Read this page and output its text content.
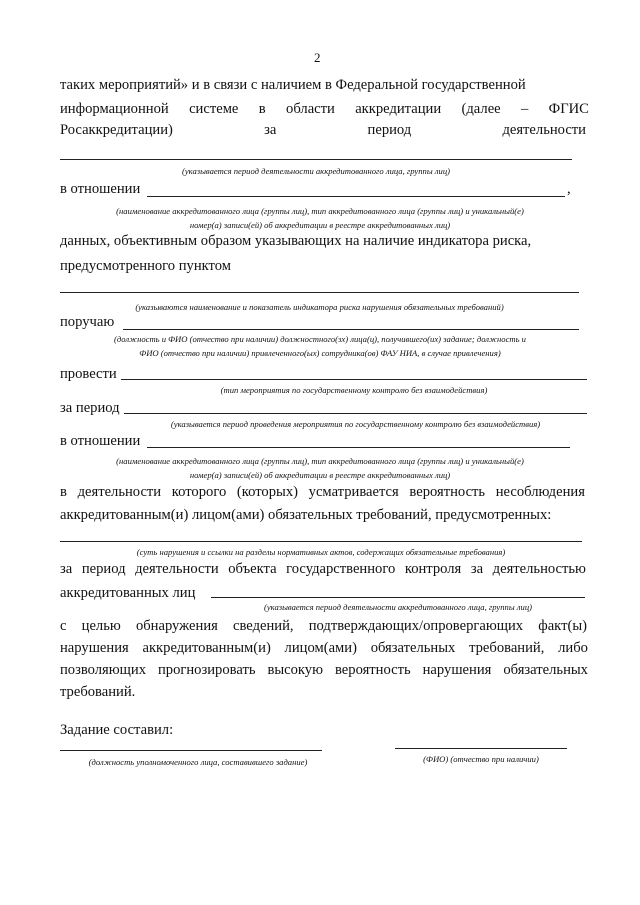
2
таких мероприятий» и в связи с наличием в Федеральной государственной
информационной системе в области аккредитации (далее – ФГИС
Росаккредитации)	за	период	деятельности
(указывается период деятельности аккредитованного лица, группы лиц)
в отношении	,
(наименование аккредитованного лица (группы лиц), тип аккредитованного лица (группы лиц) и уникальный(е)
номер(а) записи(ей) об аккредитации в реестре аккредитованных лиц)
данных, объективным образом указывающих на наличие индикатора риска,
предусмотренного пунктом
(указываются наименование и показатель индикатора риска нарушения обязательных требований)
поручаю
(должность и ФИО (отчество при наличии) должностного(зх) лица(ц), получившего(их) задание; должность и
ФИО (отчество при наличии) привлеченного(ых) сотрудника(ов) ФАУ НИА, в случае привлечения)
провести
(тип мероприятия по государственному контролю без взаимодействия)
за период
(указывается период проведения мероприятия по государственному контролю без взаимодействия)
в отношении
(наименование аккредитованного лица (группы лиц), тип аккредитованного лица (группы лиц) и уникальный(е)
номер(а) записи(ей) об аккредитации в реестре аккредитованных лиц)
в деятельности которого (которых) усматривается вероятность несоблюдения
аккредитованным(и) лицом(ами) обязательных требований, предусмотренных:
(суть нарушения и ссылки на разделы нормативных актов, содержащих обязательные требования)
за период деятельности объекта государственного контроля за деятельностью
аккредитованных лиц
(указывается период деятельности аккредитованного лица, группы лиц)
с целью обнаружения сведений, подтверждающих/опровергающих факт(ы)
нарушения аккредитованным(и) лицом(ами) обязательных требований, либо
позволяющих прогнозировать высокую вероятность нарушения обязательных
требований.
Задание составил:
(должность уполномоченного лица, составившего задание)	(ФИО) (отчество при наличии)
